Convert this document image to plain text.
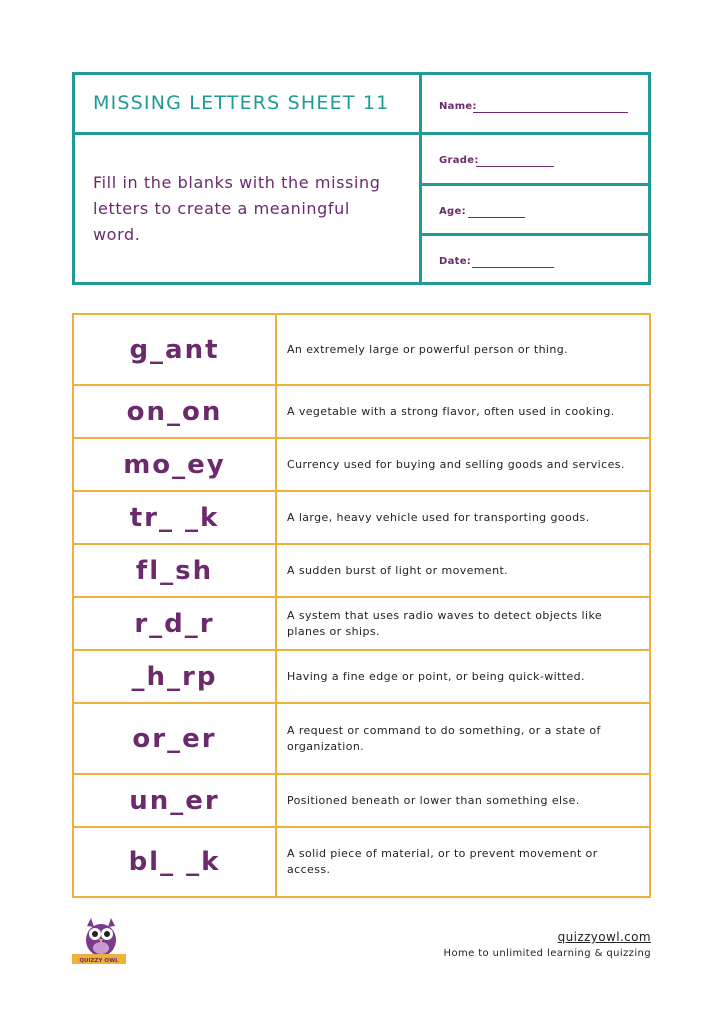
MISSING LETTERS SHEET 11
Fill in the blanks with the missing letters to create a meaningful word.
Name:
Grade:
Age:
Date:
g_ant	An extremely large or powerful person or thing.
on_on	A vegetable with a strong flavor, often used in cooking.
mo_ey	Currency used for buying and selling goods and services.
tr_ _k	A large, heavy vehicle used for transporting goods.
fl_sh	A sudden burst of light or movement.
r_d_r	A system that uses radio waves to detect objects like planes or ships.
_h_rp	Having a fine edge or point, or being quick-witted.
or_er	A request or command to do something, or a state of organization.
un_er	Positioned beneath or lower than something else.
bl_ _k	A solid piece of material, or to prevent movement or access.
QUIZZY OWL
quizzyowl.com
Home to unlimited learning & quizzing
